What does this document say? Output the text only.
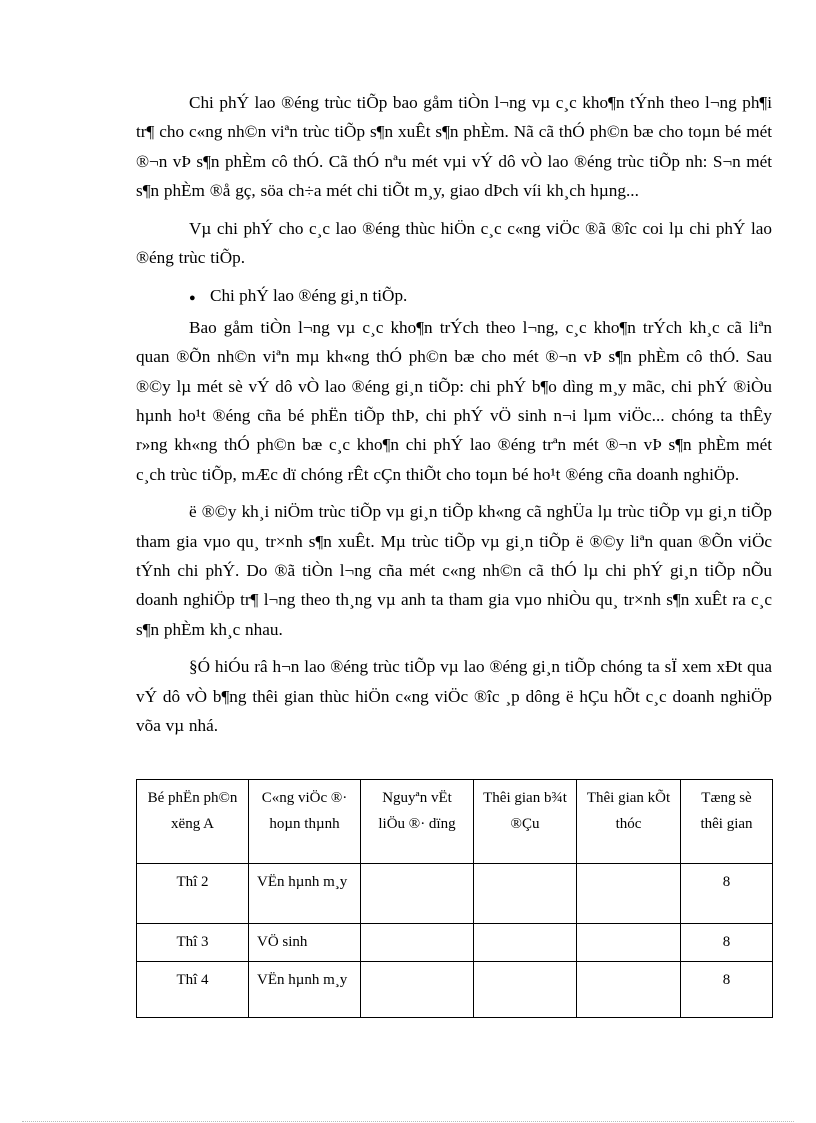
Chi phÝ lao ®éng trùc tiÕp bao gåm tiÒn l¬ng vµ c¸c kho¶n tÝnh theo l¬ng ph¶i tr¶ cho c«ng nh©n viªn trùc tiÕp s¶n xuÊt s¶n phÈm. Nã cã thÓ ph©n bæ cho toµn bé mét ®¬n vÞ s¶n phÈm cô thÓ. Cã thÓ nªu mét vµi vÝ dô vÒ lao ®éng trùc tiÕp nh: S¬n mét s¶n phÈm ®å gç, söa ch÷a mét chi tiÕt m¸y, giao dÞch víi kh¸ch hµng...

Vµ chi phÝ cho c¸c lao ®éng thùc hiÖn c¸c c«ng viÖc ®ã ®îc coi lµ chi phÝ lao ®éng trùc tiÕp.

● Chi phÝ lao ®éng gi¸n tiÕp.

Bao gåm tiÒn l¬ng vµ c¸c kho¶n trÝch theo l¬ng, c¸c kho¶n trÝch kh¸c cã liªn quan ®Õn nh©n viªn mµ kh«ng thÓ ph©n bæ cho mét ®¬n vÞ s¶n phÈm cô thÓ. Sau ®©y lµ mét sè vÝ dô vÒ lao ®éng gi¸n tiÕp: chi phÝ b¶o dìng m¸y mãc, chi phÝ ®iÒu hµnh ho¹t ®éng cña bé phËn tiÕp thÞ, chi phÝ vÖ sinh n¬i lµm viÖc... chóng ta thÊy r»ng kh«ng thÓ ph©n bæ c¸c kho¶n chi phÝ lao ®éng trªn mét ®¬n vÞ s¶n phÈm mét c¸ch trùc tiÕp, mÆc dï chóng rÊt cÇn thiÕt cho toµn bé ho¹t ®éng cña doanh nghiÖp.

ë ®©y kh¸i niÖm trùc tiÕp vµ gi¸n tiÕp kh«ng cã nghÜa lµ trùc tiÕp vµ gi¸n tiÕp tham gia vµo qu¸ tr×nh s¶n xuÊt. Mµ trùc tiÕp vµ gi¸n tiÕp ë ®©y liªn quan ®Õn viÖc tÝnh chi phÝ. Do ®ã tiÒn l¬ng cña mét c«ng nh©n cã thÓ lµ chi phÝ gi¸n tiÕp nÕu doanh nghiÖp tr¶ l¬ng theo th¸ng vµ anh ta tham gia vµo nhiÒu qu¸ tr×nh s¶n xuÊt ra c¸c s¶n phÈm kh¸c nhau.

§Ó hiÓu râ h¬n lao ®éng trùc tiÕp vµ lao ®éng gi¸n tiÕp chóng ta sÏ xem xÐt qua vÝ dô vÒ b¶ng thêi gian thùc hiÖn c«ng viÖc ®îc ¸p dông ë hÇu hÕt c¸c doanh nghiÖp võa vµ nhá.

Bé phËn ph©n xëng A	C«ng viÖc ®· hoµn thµnh	Nguyªn vËt liÖu ®· dïng	Thêi gian b¾t ®Çu	Thêi gian kÕt thóc	Tæng sè thêi gian
Thî 2	VËn hµnh m¸y				8
Thî 3	VÖ sinh				8
Thî 4	VËn hµnh m¸y				8
